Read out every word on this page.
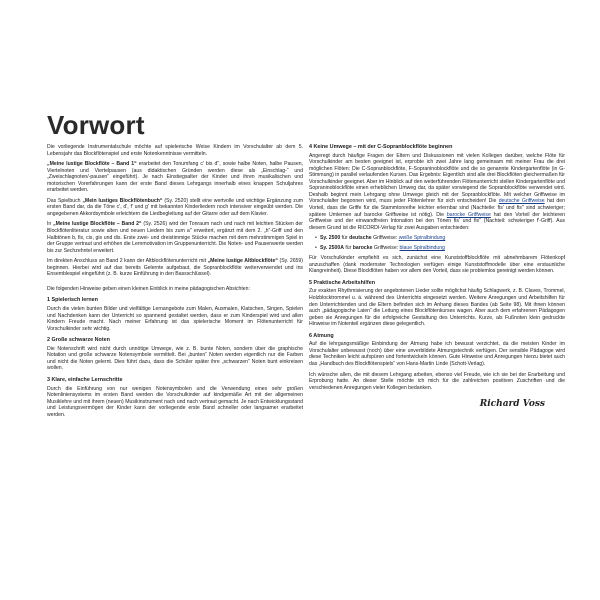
Vorwort

Die vorliegende Instrumentalschule möchte auf spielerische Weise Kindern im Vorschulalter ab dem 5. Lebensjahr das Blockflötenspiel und erste Notenkenntnisse vermitteln.

„Meine lustige Blockflöte – Band 1“ erarbeitet den Tonumfang c' bis d'', sowie halbe Noten, halbe Pausen, Viertelnoten und Viertelpausen (aus didaktischen Gründen werden diese als „Einschlag-“ und „Zweischlagnoten/-pausen“ eingeführt). Je nach Einstiegsalter der Kinder und ihren musikalischen und motorischen Vorerfahrungen kann der erste Band dieses Lehrgangs innerhalb eines knappen Schuljahres erarbeitet werden.

Das Spielbuch „Mein lustiges Blockflötenbuch“ (Sy. 2520) stellt eine wertvolle und wichtige Ergänzung zum ersten Band dar, da die Töne c', d', f' und g' mit bekannten Kinderliedern noch intensiver eingeübt werden. Die angegebenen Akkordsymbole erleichtern die Liedbegleitung auf der Gitarre oder auf dem Klavier.

In „Meine lustige Blockflöte – Band 2“ (Sy. 2526) wird der Tonraum nach und nach mit leichten Stücken der Blockflötenliteratur sowie alten und neuen Liedern bis zum a'' erweitert, ergänzt mit dem 2. „h“-Griff und den Halbtönen b, fis, cis, gis und dis. Erste zwei- und dreistimmige Stücke machen mit dem mehrstimmigen Spiel in der Gruppe vertraut und erhöhen die Lernmotivation im Gruppenunterricht. Die Noten- und Pausenwerte werden bis zur Sechzehntel erweitert.

Im direkten Anschluss an Band 2 kann der Altblockflötenunterricht mit „Meine lustige Altblockflöte“ (Sy. 2659) beginnen. Hierbei wird auf das bereits Gelernte aufgebaut, die Sopranblockflöte weiterverwendet und ins Ensemblespiel eingeführt (z. B. kurze Einführung in den Bassschlüssel).

Die folgenden Hinweise geben einen kleinen Einblick in meine pädagogischen Absichten:

1 Spielerisch lernen

Durch die vielen bunten Bilder und vielfältige Lernangebote zum Malen, Ausmalen, Klatschen, Singen, Spielen und Nachdenken kann der Unterricht so spannend gestaltet werden, dass er zum Kinderspiel wird und allen Kindern Freude macht. Nach meiner Erfahrung ist das spielerische Moment im Flötenunterricht für Vorschulkinder sehr wichtig.

2 Große schwarze Noten

Die Notenschrift wird nicht durch unnötige Umwege, wie z. B. bunte Noten, sondern über die graphische Notation und große schwarze Notensymbole vermittelt. Bei „bunten“ Noten werden eigentlich nur die Farben und nicht die Noten gelernt. Dies führt dazu, dass die Schüler später ihre „schwarzen“ Noten bunt einkreisen wollen.

3 Klare, einfache Lernschritte

Durch die Einführung von nur wenigen Notensymbolen und die Verwendung eines sehr großen Notenliniensystems im ersten Band werden die Vorschulkinder auf kindgemäße Art mit der allgemeinen Musiklehre und mit ihrem (neuen) Musikinstrument nach und nach vertraut gemacht. Je nach Entwicklungsstand und Leistungsvermögen der Kinder kann der vorliegende erste Band schneller oder langsamer erarbeitet werden.

4 Keine Umwege – mit der C-Sopranblockflöte beginnen

Angeregt durch häufige Fragen der Eltern und Diskussionen mit vielen Kollegen darüber, welche Flöte für Vorschulkinder am besten geeignet ist, erprobte ich zwei Jahre lang gemeinsam mit meiner Frau die drei möglichen Flöten: Die C-Sopranblockflöte, F-Sopraninoblockflöte und die so genannte Kindergartenflöte (in G-Stimmung) in parallel verlaufenden Kursen. Das Ergebnis: Eigentlich sind alle drei Blockflöten gleichermaßen für Vorschulkinder geeignet. Aber im Hinblick auf den weiterführenden Flötenunterricht stellen Kindergartenflöte und Sopraninoblockflöte einen erheblichen Umweg dar, da später vorwiegend die Sopranblockflöte verwendet wird. Deshalb beginnt mein Lehrgang ohne Umwege gleich mit der Sopranblockflöte. Mit welcher Griffweise im Vorschulalter begonnen wird, muss jeder Flötenlehrer für sich entscheiden! Die deutsche Griffweise hat den Vorteil, dass die Griffe für die Stammtonreihe leichter erlernbar sind (Nachteile: fis' und fis'' sind schwieriger; spätere Umlernen auf barocke Griffweise ist nötig). Die barocke Griffweise hat den Vorteil der leichteren Griffweise und der einwandfreien Intonation bei den Tönen fis' und fis'' (Nachteil: schwieriger f'-Griff). Aus diesem Grund ist die RICORDI-Verlag für zwei Ausgaben entschieden:

• Sy. 2500 für deutsche Griffweise: weiße Spiralbindung
• Sy. 2500A für barocke Griffweise: blaue Spiralbindung

Für Vorschulkinder empfiehlt es sich, zunächst eine Kunststoffblockflöte mit abnehmbarem Flötenkopf anzuschaffen (dank modernster Technologien verfügen einige Kunststoffmodelle über eine erstaunliche Klangreinheit). Diese Blockflöten haben vor allem den Vorteil, dass sie problemlos gereinigt werden können.

5 Praktische Arbeitshilfen

Zur exakten Rhythmisierung der angebotenen Lieder sollte möglichst häufig Schlagwerk, z. B. Claves, Trommel, Holzblocktrommel u. ä. während des Unterrichts eingesetzt werden. Weitere Anregungen und Arbeitshilfen für den Unterrichtenden und die Eltern befinden sich im Anhang dieses Bandes (ab Seite 98). Mit ihnen können auch „pädagogische Laien“ die Leitung eines Blockflötenkurses wagen. Aber auch dem erfahrenen Pädagogen geben sie Anregungen für die erfolgreiche Gestaltung des Unterrichts. Kurze, als Fußnoten klein gedruckte Hinweise im Notenteil ergänzen diese gelegentlich.

6 Atmung

Auf die lehrgangsmäßige Einbindung der Atmung habe ich bewusst verzichtet, da die meisten Kinder im Vorschulalter unbewusst (noch) über eine unverbildete Atmungstechnik verfügen. Der sensible Pädagoge wird diese Techniken leicht aufspüren und fortentwickeln können. Gute Hinweise und Anregungen hierzu bietet auch das „Handbuch des Blockflötenspiels“ von Hans-Martin Linde (Schott-Verlag).

Ich wünsche allen, die mit diesem Lehrgang arbeiten, ebenso viel Freude, wie ich sie bei der Erarbeitung und Erprobung hatte. An dieser Stelle möchte ich mich für die zahlreichen positiven Zuschriften und die verschiedenen Anregungen vieler Kollegen bedanken.

Richard Voss
